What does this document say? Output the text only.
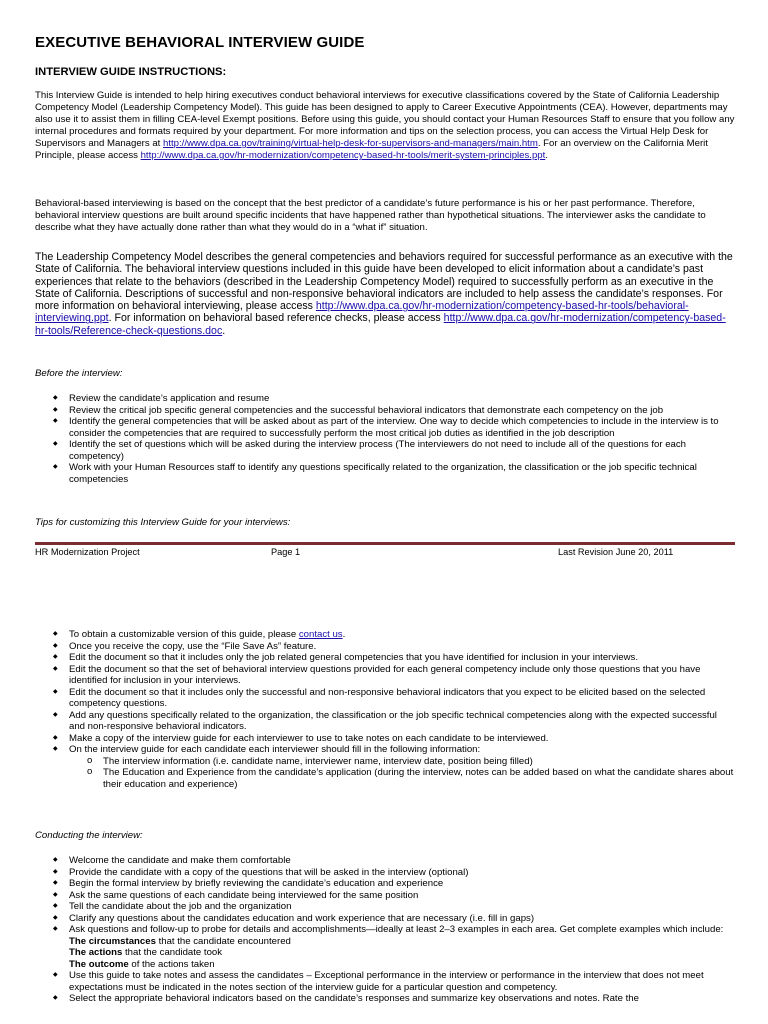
EXECUTIVE BEHAVIORAL INTERVIEW GUIDE
INTERVIEW GUIDE INSTRUCTIONS:

This Interview Guide is intended to help hiring executives conduct behavioral interviews for executive classifications covered by the State of California Leadership Competency Model (Leadership Competency Model). This guide has been designed to apply to Career Executive Appointments (CEA). However, departments may also use it to assist them in filling CEA-level Exempt positions. Before using this guide, you should contact your Human Resources Staff to ensure that you follow any internal procedures and formats required by your department. For more information and tips on the selection process, you can access the Virtual Help Desk for Supervisors and Managers at http://www.dpa.ca.gov/training/virtual-help-desk-for-supervisors-and-managers/main.htm. For an overview on the California Merit Principle, please access http://www.dpa.ca.gov/hr-modernization/competency-based-hr-tools/merit-system-principles.ppt.

Behavioral-based interviewing is based on the concept that the best predictor of a candidate’s future performance is his or her past performance. Therefore, behavioral interview questions are built around specific incidents that have happened rather than hypothetical situations. The interviewer asks the candidate to describe what they have actually done rather than what they would do in a “what if” situation.

The Leadership Competency Model describes the general competencies and behaviors required for successful performance as an executive with the State of California. The behavioral interview questions included in this guide have been developed to elicit information about a candidate’s past experiences that relate to the behaviors (described in the Leadership Competency Model) required to successfully perform as an executive in the State of California. Descriptions of successful and non-responsive behavioral indicators are included to help assess the candidate’s responses. For more information on behavioral interviewing, please access http://www.dpa.ca.gov/hr-modernization/competency-based-hr-tools/behavioral-interviewing.ppt. For information on behavioral based reference checks, please access http://www.dpa.ca.gov/hr-modernization/competency-based-hr-tools/Reference-check-questions.doc.

Before the interview:

◆ Review the candidate’s application and resume
◆ Review the critical job specific general competencies and the successful behavioral indicators that demonstrate each competency on the job
◆ Identify the general competencies that will be asked about as part of the interview. One way to decide which competencies to include in the interview is to consider the competencies that are required to successfully perform the most critical job duties as identified in the job description
◆ Identify the set of questions which will be asked during the interview process (The interviewers do not need to include all of the questions for each competency)
◆ Work with your Human Resources staff to identify any questions specifically related to the organization, the classification or the job specific technical competencies

Tips for customizing this Interview Guide for your interviews:

◆ To obtain a customizable version of this guide, please contact us.
◆ Once you receive the copy, use the “File Save As” feature.
◆ Edit the document so that it includes only the job related general competencies that you have identified for inclusion in your interviews.
◆ Edit the document so that the set of behavioral interview questions provided for each general competency include only those questions that you have identified for inclusion in your interviews.
◆ Edit the document so that it includes only the successful and non-responsive behavioral indicators that you expect to be elicited based on the selected competency questions.
◆ Add any questions specifically related to the organization, the classification or the job specific technical competencies along with the expected successful and non-responsive behavioral indicators.
◆ Make a copy of the interview guide for each interviewer to use to take notes on each candidate to be interviewed.
◆ On the interview guide for each candidate each interviewer should fill in the following information:
o The interview information (i.e. candidate name, interviewer name, interview date, position being filled)
o The Education and Experience from the candidate’s application (during the interview, notes can be added based on what the candidate shares about their education and experience)

Conducting the interview:

◆ Welcome the candidate and make them comfortable
◆ Provide the candidate with a copy of the questions that will be asked in the interview (optional)
◆ Begin the formal interview by briefly reviewing the candidate’s education and experience
◆ Ask the same questions of each candidate being interviewed for the same position
◆ Tell the candidate about the job and the organization
◆ Clarify any questions about the candidates education and work experience that are necessary (i.e. fill in gaps)
◆ Ask questions and follow-up to probe for details and accomplishments—ideally at least 2–3 examples in each area. Get complete examples which include:
The circumstances that the candidate encountered
The actions that the candidate took
The outcome of the actions taken
◆ Use this guide to take notes and assess the candidates – Exceptional performance in the interview or performance in the interview that does not meet expectations must be indicated in the notes section of the interview guide for a particular question and competency.
◆ Select the appropriate behavioral indicators based on the candidate’s responses and summarize key observations and notes. Rate the
HR Modernization Project	Page 1	Last Revision June 20, 2011
